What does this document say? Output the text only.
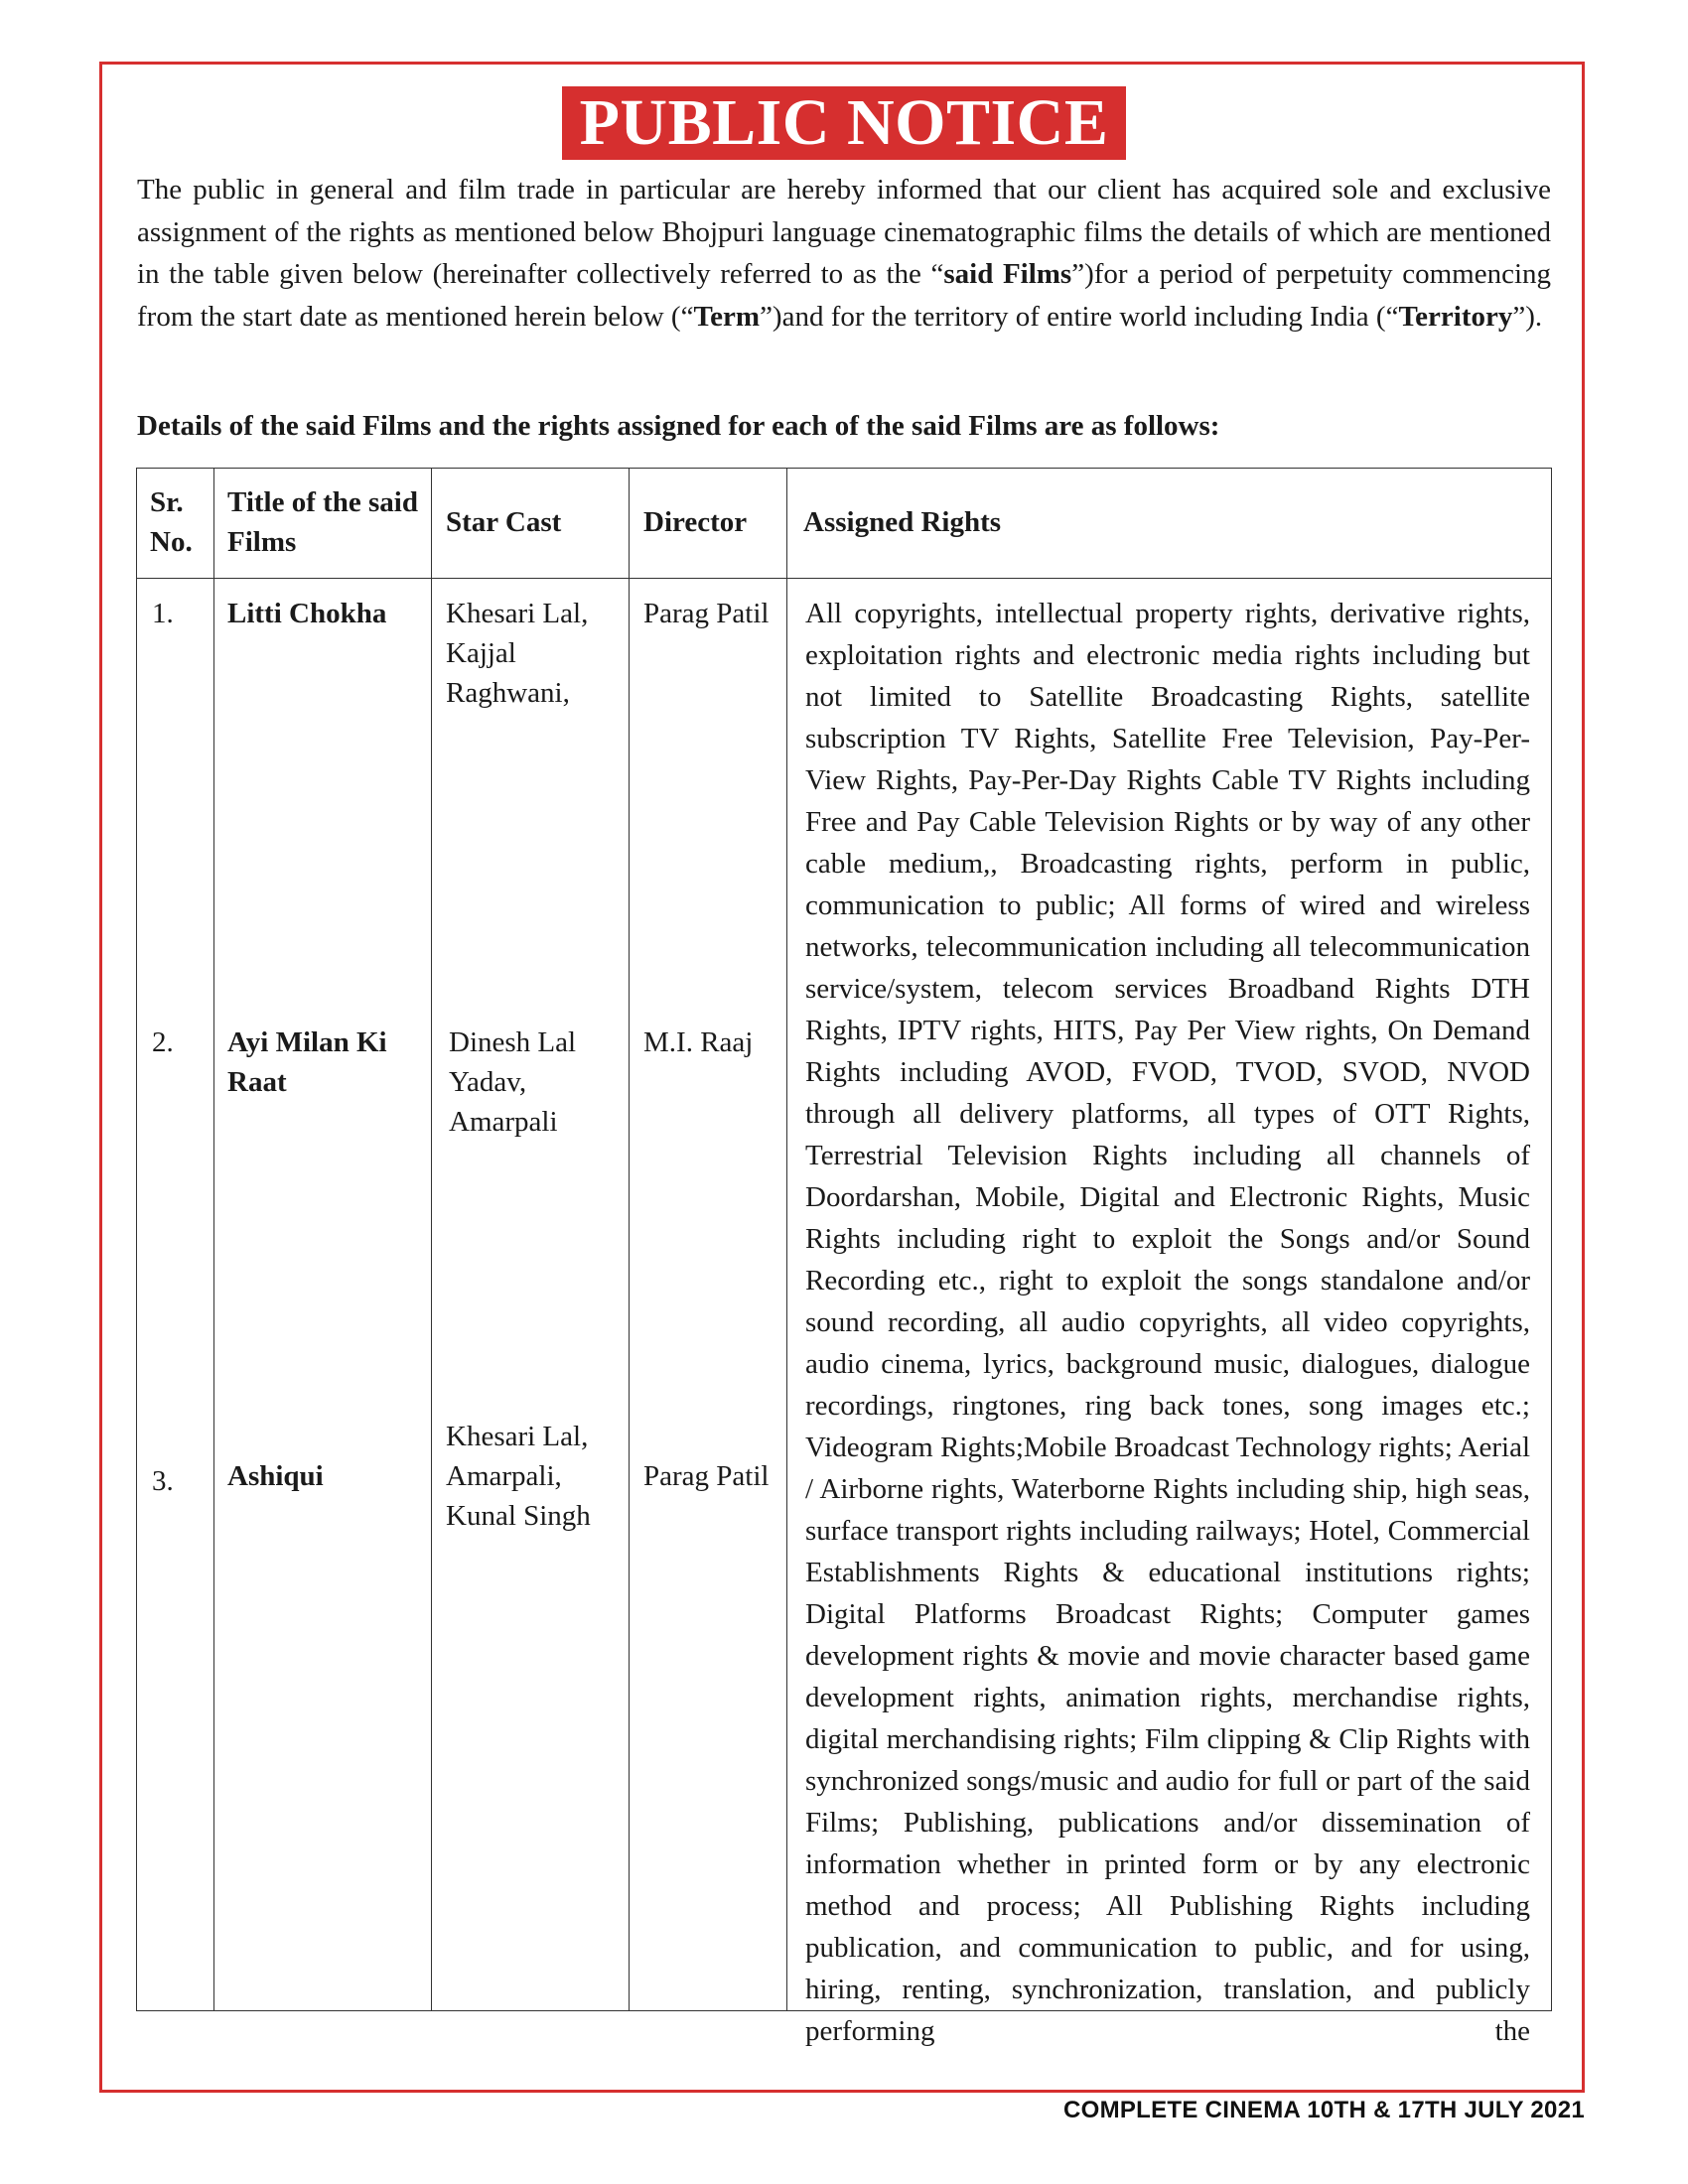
PUBLIC NOTICE
The public in general and film trade in particular are hereby informed that our client has acquired sole and exclusive assignment of the rights as mentioned below Bhojpuri language cinematographic films the details of which are mentioned in the table given below (hereinafter collectively referred to as the “said Films”)for a period of perpetuity commencing from the start date as mentioned herein below (“Term”)and for the territory of entire world including India (“Territory”).
Details of the said Films and the rights assigned for each of the said Films are as follows:
Sr.
No.
Title of the said
Films
Star Cast	Director Assigned Rights
1. Litti Chokha Khesari Lal,
Kajjal
Raghwani,
Parag Patil
2. Ayi Milan Ki
Raat
Dinesh Lal
Yadav,
Amarpali
M.I. Raaj
3. Ashiqui
Khesari Lal,
Amarpali,
Kunal Singh
Parag Patil
All copyrights, intellectual property rights, derivative rights, exploitation rights and electronic media rights including but not limited to Satellite Broadcasting Rights, satellite subscription TV Rights, Satellite Free Television, Pay-Per-View Rights, Pay-Per-Day Rights Cable TV Rights including Free and Pay Cable Television Rights or by way of any other cable medium,, Broadcasting rights, perform in public, communication to public; All forms of wired and wireless networks, telecommunication including all telecommunication service/system, telecom services Broadband Rights DTH Rights, IPTV rights, HITS, Pay Per View rights, On Demand Rights including AVOD, FVOD, TVOD, SVOD, NVOD through all delivery platforms, all types of OTT Rights, Terrestrial Television Rights including all channels of Doordarshan, Mobile, Digital and Electronic Rights, Music Rights including right to exploit the Songs and/or Sound Recording etc., right to exploit the songs standalone and/or sound recording, all audio copyrights, all video copyrights, audio cinema, lyrics, background music, dialogues, dialogue recordings, ringtones, ring back tones, song images etc.; Videogram Rights;Mobile Broadcast Technology rights; Aerial / Airborne rights, Waterborne Rights including ship, high seas, surface transport rights including railways; Hotel, Commercial Establishments Rights & educational institutions rights; Digital Platforms Broadcast Rights; Computer games development rights & movie and movie character based game development rights, animation rights, merchandise rights, digital merchandising rights; Film clipping & Clip Rights with synchronized songs/music and audio for full or part of the said Films; Publishing, publications and/or dissemination of information whether in printed form or by any electronic method and process; All Publishing Rights including publication, and communication to public, and for using, hiring, renting, synchronization, translation, and publicly performing the
COMPLETE CINEMA 10TH & 17TH JULY 2021
